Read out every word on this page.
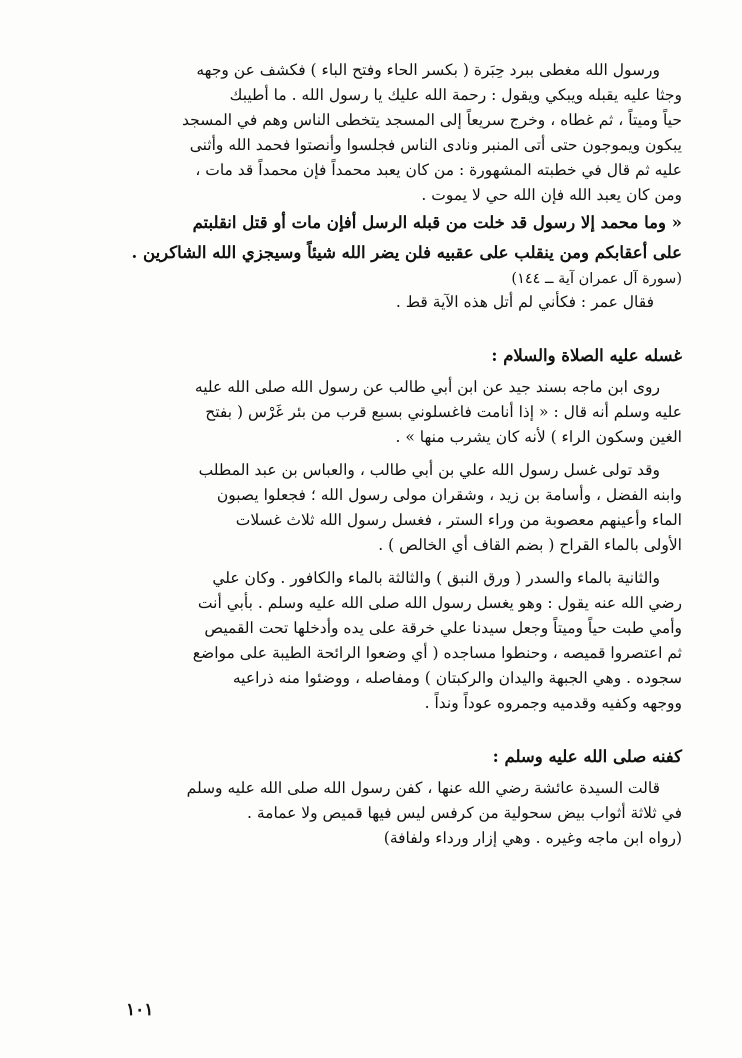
ورسول الله مغطى ببرد حِبَرة ( بكسر الحاء وفتح الباء ) فكشف عن وجهه
وجثا عليه يقبله ويبكي ويقول : رحمة الله عليك يا رسول الله . ما أطيبك
حياً وميتاً ، ثم غطاه ، وخرج سريعاً إلى المسجد يتخطى الناس وهم في المسجد
يبكون ويموجون حتى أتى المنبر ونادى الناس فجلسوا وأنصتوا فحمد الله وأثنى
عليه ثم قال في خطبته المشهورة : من كان يعبد محمداً فإن محمداً قد مات ،
ومن كان يعبد الله فإن الله حي لا يموت .
« وما محمد إلا رسول قد خلت من قبله الرسل أفإن مات أو قتل انقلبتم
على أعقابكم ومن ينقلب على عقبيه فلن يضر الله شيئاً وسيجزي الله الشاكرين .
(سورة آل عمران آية ــ ١٤٤)
فقال عمر : فكأني لم أتل هذه الآية قط .
غسله عليه الصلاة والسلام :
روى ابن ماجه بسند جيد عن ابن أبي طالب عن رسول الله صلى الله عليه
عليه وسلم أنه قال : « إذا أنامت فاغسلوني بسبع قرب من بئر غَرْس ( بفتح
الغين وسكون الراء ) لأنه كان يشرب منها » .
وقد تولى غسل رسول الله علي بن أبي طالب ، والعباس بن عبد المطلب
وابنه الفضل ، وأسامة بن زيد ، وشقران مولى رسول الله ؛ فجعلوا يصبون
الماء وأعينهم معصوبة من وراء الستر ، فغسل رسول الله ثلاث غسلات
الأولى بالماء القراح ( بضم القاف أي الخالص ) .
والثانية بالماء والسدر ( ورق النبق ) والثالثة بالماء والكافور . وكان علي
رضي الله عنه يقول : وهو يغسل رسول الله صلى الله عليه وسلم . بأبي أنت
وأمي طبت حياً وميتاً وجعل سيدنا علي خرقة على يده وأدخلها تحت القميص
ثم اعتصروا قميصه ، وحنطوا مساجده ( أي وضعوا الرائحة الطيبة على مواضع
سجوده . وهي الجبهة واليدان والركبتان ) ومفاصله ، ووضئوا منه ذراعيه
ووجهه وكفيه وقدميه وجمروه عوداً ونداً .
كفنه صلى الله عليه وسلم :
قالت السيدة عائشة رضي الله عنها ، كفن رسول الله صلى الله عليه وسلم
في ثلاثة أثواب بيض سحولية من كرفس ليس فيها قميص ولا عمامة .
(رواه ابن ماجه وغيره . وهي إزار ورداء ولفافة)
١٠١
